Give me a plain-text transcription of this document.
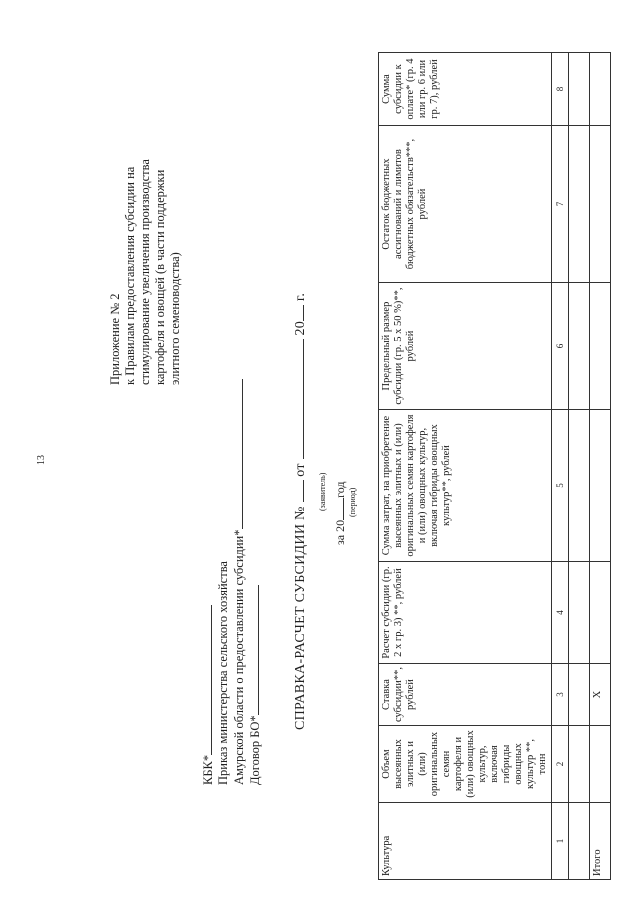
13
Приложение № 2 к Правилам предоставления субсидии на стимулирование увеличения производства картофеля и овощей (в части поддержки элитного семеноводства)
КБК* Приказ министерства сельского хозяйства Амурской области о предоставлении субсидии* Договор БО*
СПРАВКА-РАСЧЕТ СУБСИДИИ №  от  20 г.
(заявитель)
за 20год (период)
Культура	Объем высеянных элитных и (или) оригинальных семян картофеля и (или) овощных культур, включая гибриды овощных культур **, тонн	Ставка субсидии**, рублей	Расчет субсидии (гр. 2 х гр. 3) **, рублей	Сумма затрат, на приобретение высеянных элитных и (или) оригинальных семян картофеля и (или) овощных культур, включая гибриды овощных культур**, рублей	Предельный размер субсидии (гр. 5 х 50 %)**, рублей	Остаток бюджетных ассигнований и лимитов бюджетных обязательств***, рублей	Сумма субсидии к оплате* (гр. 4 или гр. 6 или гр. 7), рублей
1	2	3	4	5	6	7	8

Итого		X					
